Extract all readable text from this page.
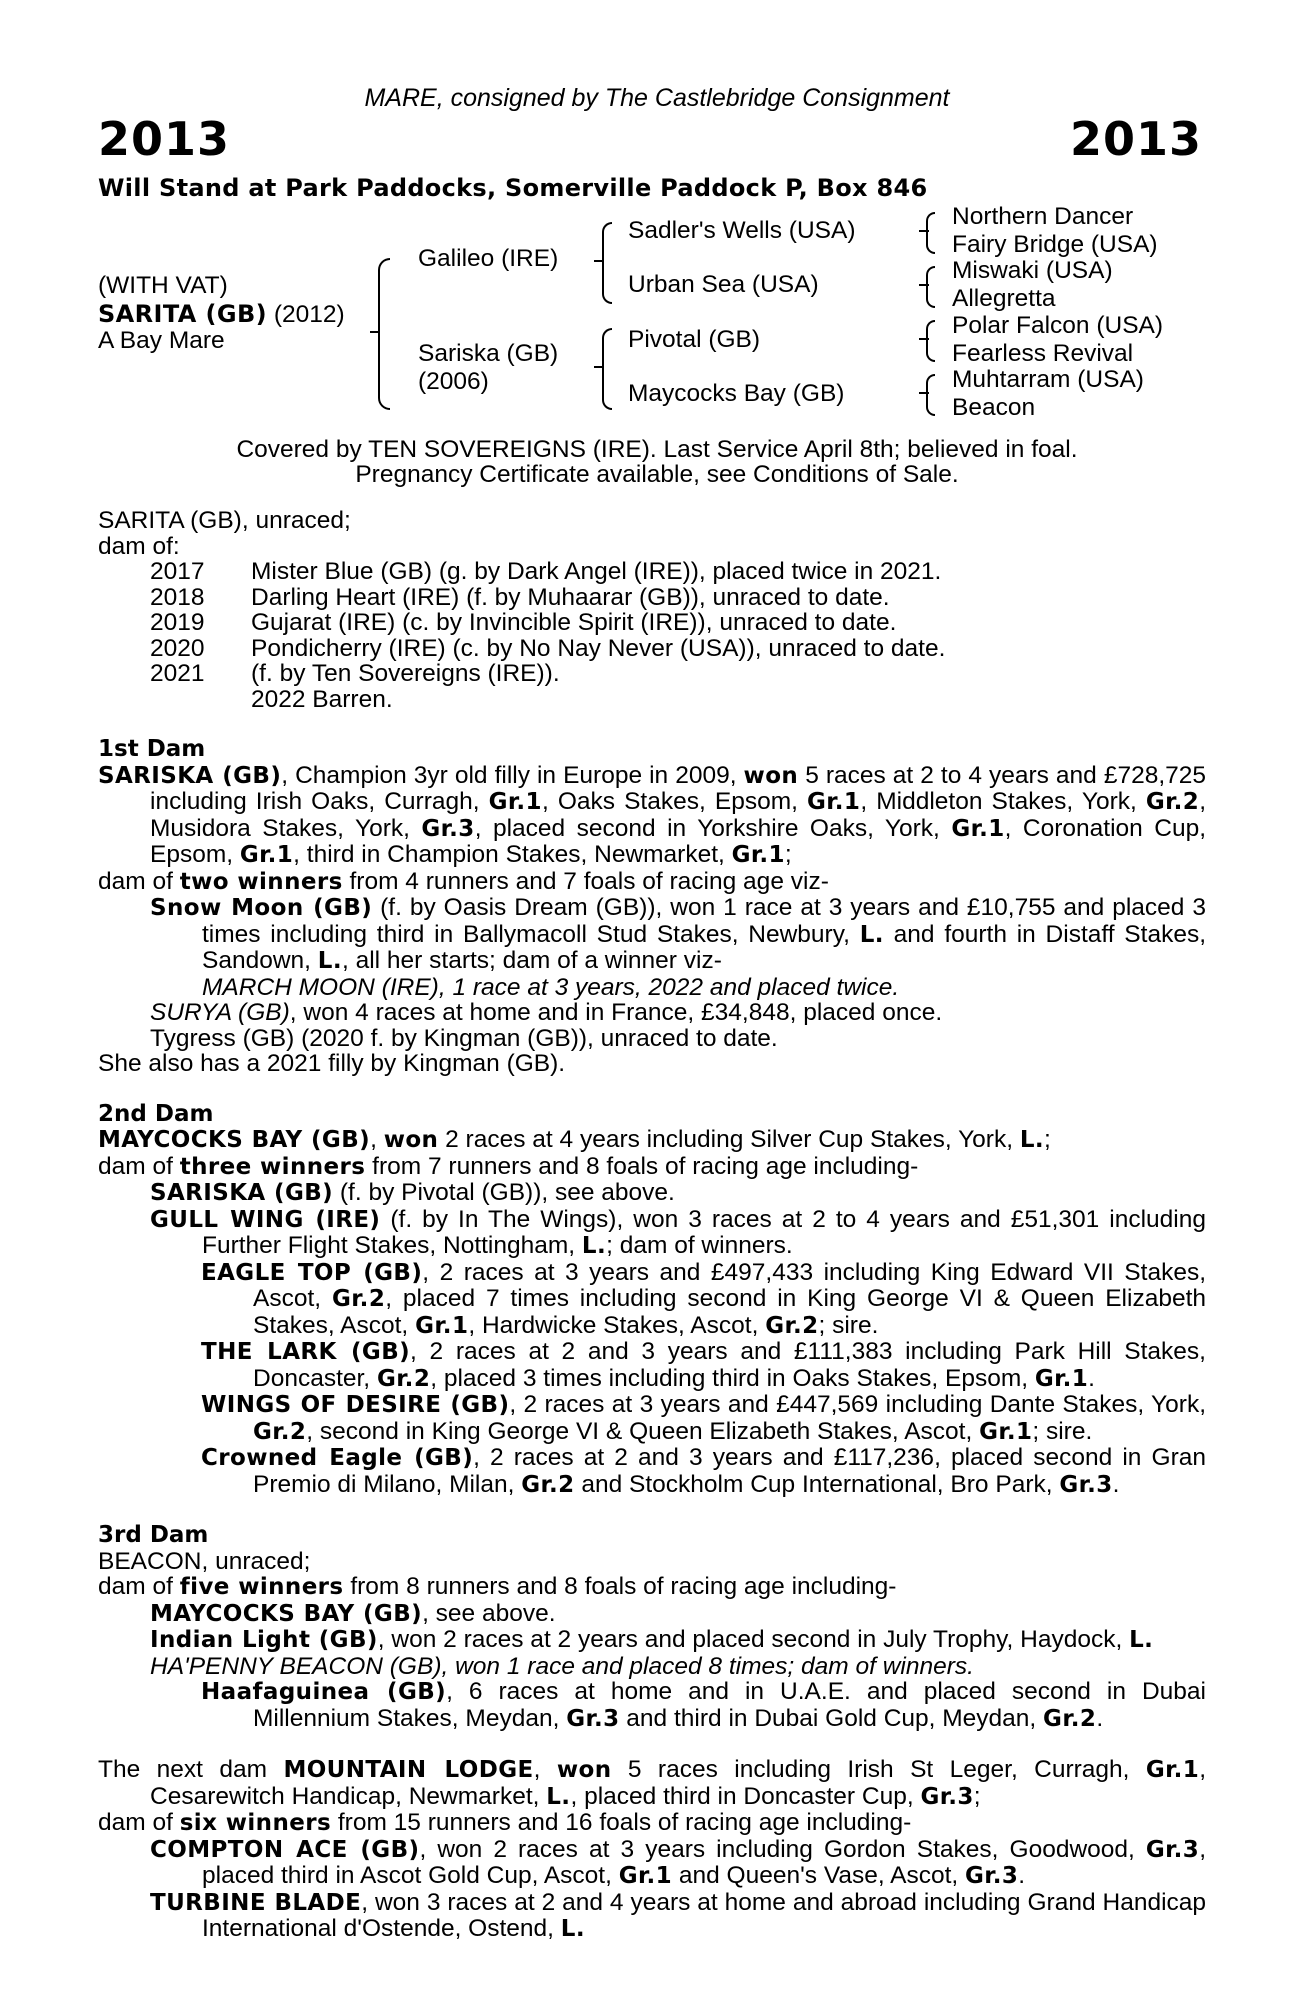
MARE, consigned by The Castlebridge Consignment
2013	2013
Will Stand at Park Paddocks, Somerville Paddock P, Box 846
(WITH VAT)
SARITA (GB) (2012)
A Bay Mare
Galileo (IRE)
Sariska (GB)
(2006)
Sadler's Wells (USA)
Urban Sea (USA)
Pivotal (GB)
Maycocks Bay (GB)
Northern Dancer
Fairy Bridge (USA)
Miswaki (USA)
Allegretta
Polar Falcon (USA)
Fearless Revival
Muhtarram (USA)
Beacon
Covered by TEN SOVEREIGNS (IRE). Last Service April 8th; believed in foal.
Pregnancy Certificate available, see Conditions of Sale.

SARITA (GB), unraced;

dam of:

2017	Mister Blue (GB) (g. by Dark Angel (IRE)), placed twice in 2021.
2018	Darling Heart (IRE) (f. by Muhaarar (GB)), unraced to date.
2019	Gujarat (IRE) (c. by Invincible Spirit (IRE)), unraced to date.
2020	Pondicherry (IRE) (c. by No Nay Never (USA)), unraced to date.
2021	(f. by Ten Sovereigns (IRE)).
2022 Barren.

1st Dam

SARISKA (GB), Champion 3yr old filly in Europe in 2009, won 5 races at 2 to 4 years and £728,725 including Irish Oaks, Curragh, Gr.1, Oaks Stakes, Epsom, Gr.1, Middleton Stakes, York, Gr.2, Musidora Stakes, York, Gr.3, placed second in Yorkshire Oaks, York, Gr.1, Coronation Cup, Epsom, Gr.1, third in Champion Stakes, Newmarket, Gr.1;

dam of two winners from 4 runners and 7 foals of racing age viz-

Snow Moon (GB) (f. by Oasis Dream (GB)), won 1 race at 3 years and £10,755 and placed 3 times including third in Ballymacoll Stud Stakes, Newbury, L. and fourth in Distaff Stakes, Sandown, L., all her starts; dam of a winner viz-

MARCH MOON (IRE), 1 race at 3 years, 2022 and placed twice.

SURYA (GB), won 4 races at home and in France, £34,848, placed once.

Tygress (GB) (2020 f. by Kingman (GB)), unraced to date.

She also has a 2021 filly by Kingman (GB).

2nd Dam

MAYCOCKS BAY (GB), won 2 races at 4 years including Silver Cup Stakes, York, L.;

dam of three winners from 7 runners and 8 foals of racing age including-

SARISKA (GB) (f. by Pivotal (GB)), see above.

GULL WING (IRE) (f. by In The Wings), won 3 races at 2 to 4 years and £51,301 including Further Flight Stakes, Nottingham, L.; dam of winners.

EAGLE TOP (GB), 2 races at 3 years and £497,433 including King Edward VII Stakes, Ascot, Gr.2, placed 7 times including second in King George VI & Queen Elizabeth Stakes, Ascot, Gr.1, Hardwicke Stakes, Ascot, Gr.2; sire.

THE LARK (GB), 2 races at 2 and 3 years and £111,383 including Park Hill Stakes, Doncaster, Gr.2, placed 3 times including third in Oaks Stakes, Epsom, Gr.1.

WINGS OF DESIRE (GB), 2 races at 3 years and £447,569 including Dante Stakes, York, Gr.2, second in King George VI & Queen Elizabeth Stakes, Ascot, Gr.1; sire.

Crowned Eagle (GB), 2 races at 2 and 3 years and £117,236, placed second in Gran Premio di Milano, Milan, Gr.2 and Stockholm Cup International, Bro Park, Gr.3.

3rd Dam

BEACON, unraced;

dam of five winners from 8 runners and 8 foals of racing age including-

MAYCOCKS BAY (GB), see above.

Indian Light (GB), won 2 races at 2 years and placed second in July Trophy, Haydock, L.

HA'PENNY BEACON (GB), won 1 race and placed 8 times; dam of winners.

Haafaguinea (GB), 6 races at home and in U.A.E. and placed second in Dubai Millennium Stakes, Meydan, Gr.3 and third in Dubai Gold Cup, Meydan, Gr.2.

The next dam MOUNTAIN LODGE, won 5 races including Irish St Leger, Curragh, Gr.1, Cesarewitch Handicap, Newmarket, L., placed third in Doncaster Cup, Gr.3;

dam of six winners from 15 runners and 16 foals of racing age including-

COMPTON ACE (GB), won 2 races at 3 years including Gordon Stakes, Goodwood, Gr.3, placed third in Ascot Gold Cup, Ascot, Gr.1 and Queen's Vase, Ascot, Gr.3.

TURBINE BLADE, won 3 races at 2 and 4 years at home and abroad including Grand Handicap International d'Ostende, Ostend, L.
